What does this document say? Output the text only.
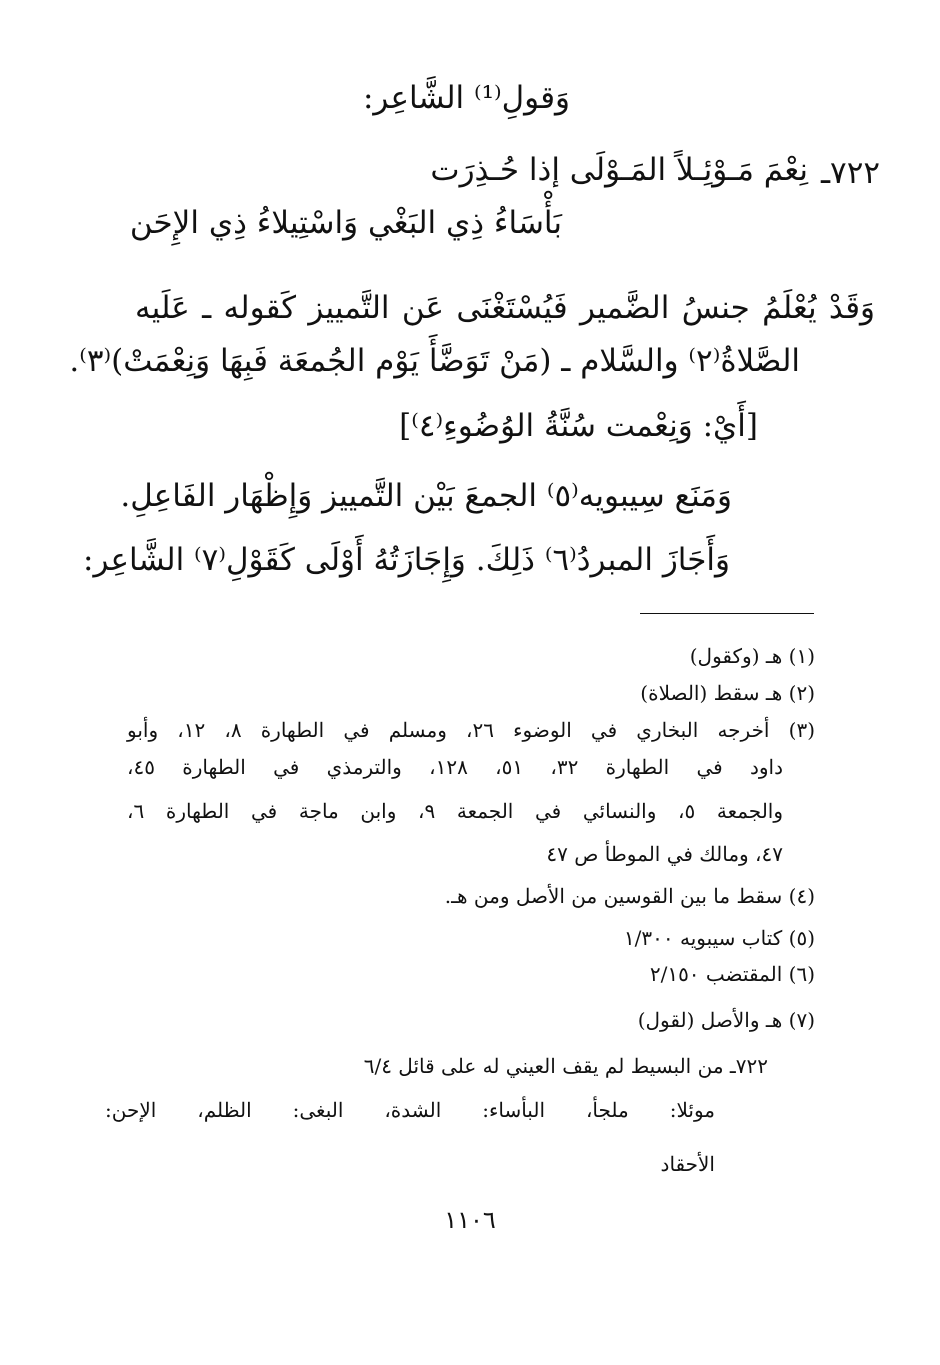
وَقولِ⁽¹⁾ الشَّاعِر:
٧٢٢ـ
نِعْمَ مَـوْئِـلاً المَـوْلَى إذا حُـذِرَت
بَأْسَاءُ ذِي البَغْي وَاسْتِيلاءُ ذِي الإِحَن
وَقَدْ يُعْلَمُ جنسُ الضَّمير فَيُسْتَغْنَى عَن التَّمييز كَقوله ـ عَلَيه
الصَّلاةُ⁽٢⁾ والسَّلام ـ (مَنْ تَوَضَّأَ يَوْم الجُمعَة فَبِهَا وَنِعْمَتْ)⁽٣⁾.
[أَيْ: وَنِعْمت سُنَّةُ الوُضُوءِ⁽٤⁾]
وَمَنَع سِيبويه⁽٥⁾ الجمعَ بَيْن التَّمييز وَإِظْهَار الفَاعِلِ.
وَأَجَازَ المبردُ⁽٦⁾ ذَلِكَ. وَإِجَازَتُهُ أَوْلَى كَقَوْلِ⁽٧⁾ الشَّاعِر:
(١) هـ (وكقول)
(٢) هـ سقط (الصلاة)
(٣) أخرجه البخاري في الوضوء ٢٦، ومسلم في الطهارة ٨، ١٢، وأبو
داود في الطهارة ٣٢، ٥١، ١٢٨، والترمذي في الطهارة ٤٥،
والجمعة ٥، والنسائي في الجمعة ٩، وابن ماجة في الطهارة ٦،
٤٧، ومالك في الموطأ ص ٤٧
(٤) سقط ما بين القوسين من الأصل ومن هـ.
(٥) كتاب سيبويه ١/٣٠٠
(٦) المقتضب ٢/١٥٠
(٧) هـ والأصل (لقول)
٧٢٢ـ من البسيط لم يقف العيني له على قائل ٦/٤
موئلا: ملجأ، البأساء: الشدة، البغى: الظلم، الإحن:
الأحقاد
١١٠٦
